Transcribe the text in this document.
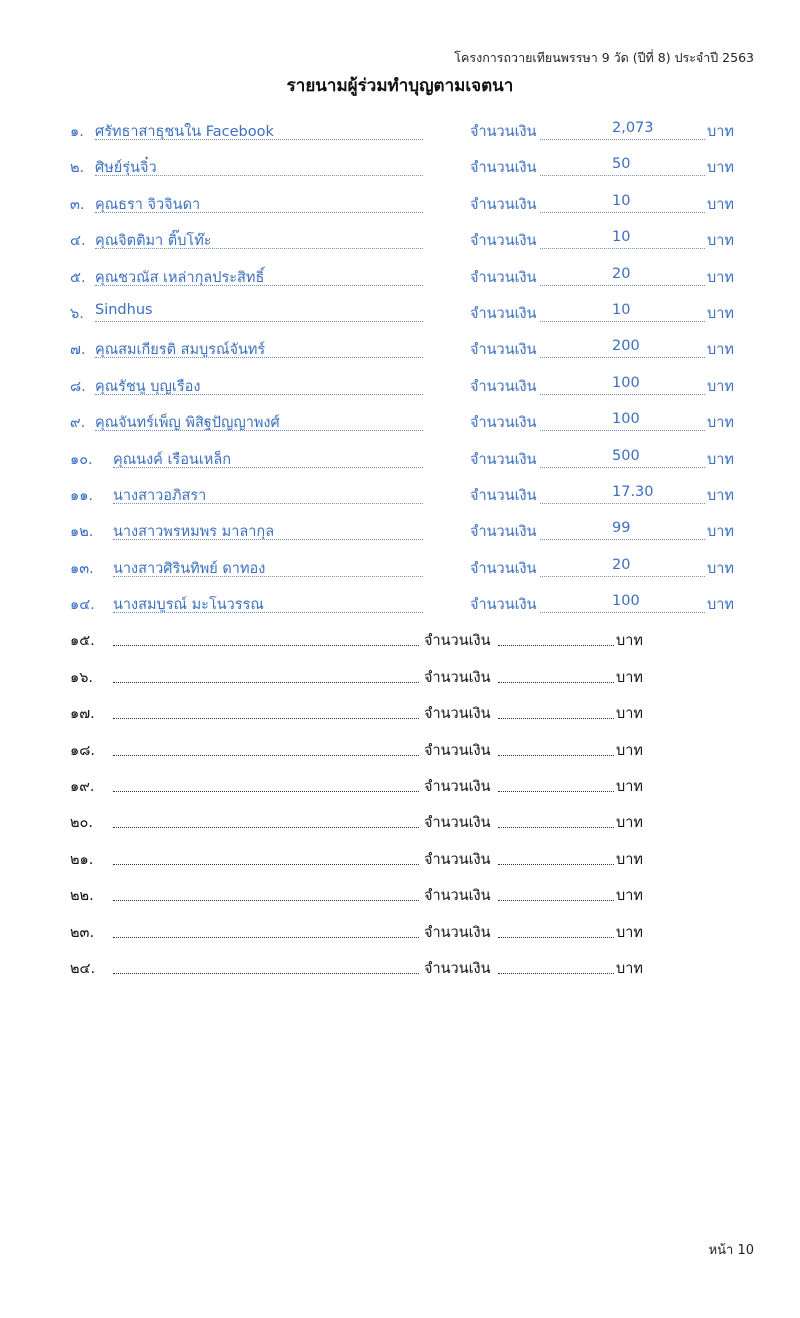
โครงการถวายเทียนพรรษา 9 วัด (ปีที่ 8) ประจำปี 2563
รายนามผู้ร่วมทำบุญตามเจตนา
๑. ศรัทธาสาธุชนใน Facebook	จำนวนเงิน	2,073	บาท
๒. ศิษย์รุ่นจิ๋ว	จำนวนเงิน	50	บาท
๓. คุณธรา จิวจินดา	จำนวนเงิน	10	บาท
๔. คุณจิตติมา ติ๊บโท๊ะ	จำนวนเงิน	10	บาท
๕. คุณชวณัส เหล่ากุลประสิทธิ์	จำนวนเงิน	20	บาท
๖. Sindhus	จำนวนเงิน	10	บาท
๗. คุณสมเกียรติ สมบูรณ์จันทร์	จำนวนเงิน	200	บาท
๘. คุณรัชนู บุญเรือง	จำนวนเงิน	100	บาท
๙. คุณจันทร์เพ็ญ พิสิฐปัญญาพงศ์	จำนวนเงิน	100	บาท
๑๐. คุณนงค์ เรือนเหล็ก	จำนวนเงิน	500	บาท
๑๑. นางสาวอภิสรา	จำนวนเงิน	17.30	บาท
๑๒. นางสาวพรหมพร มาลากุล	จำนวนเงิน	99	บาท
๑๓. นางสาวศิรินทิพย์ ดาทอง	จำนวนเงิน	20	บาท
๑๔. นางสมบูรณ์ มะโนวรรณ	จำนวนเงิน	100	บาท
๑๕.	จำนวนเงิน	บาท
๑๖.	จำนวนเงิน	บาท
๑๗.	จำนวนเงิน	บาท
๑๘.	จำนวนเงิน	บาท
๑๙.	จำนวนเงิน	บาท
๒๐.	จำนวนเงิน	บาท
๒๑.	จำนวนเงิน	บาท
๒๒.	จำนวนเงิน	บาท
๒๓.	จำนวนเงิน	บาท
๒๔.	จำนวนเงิน	บาท
หน้า 10
